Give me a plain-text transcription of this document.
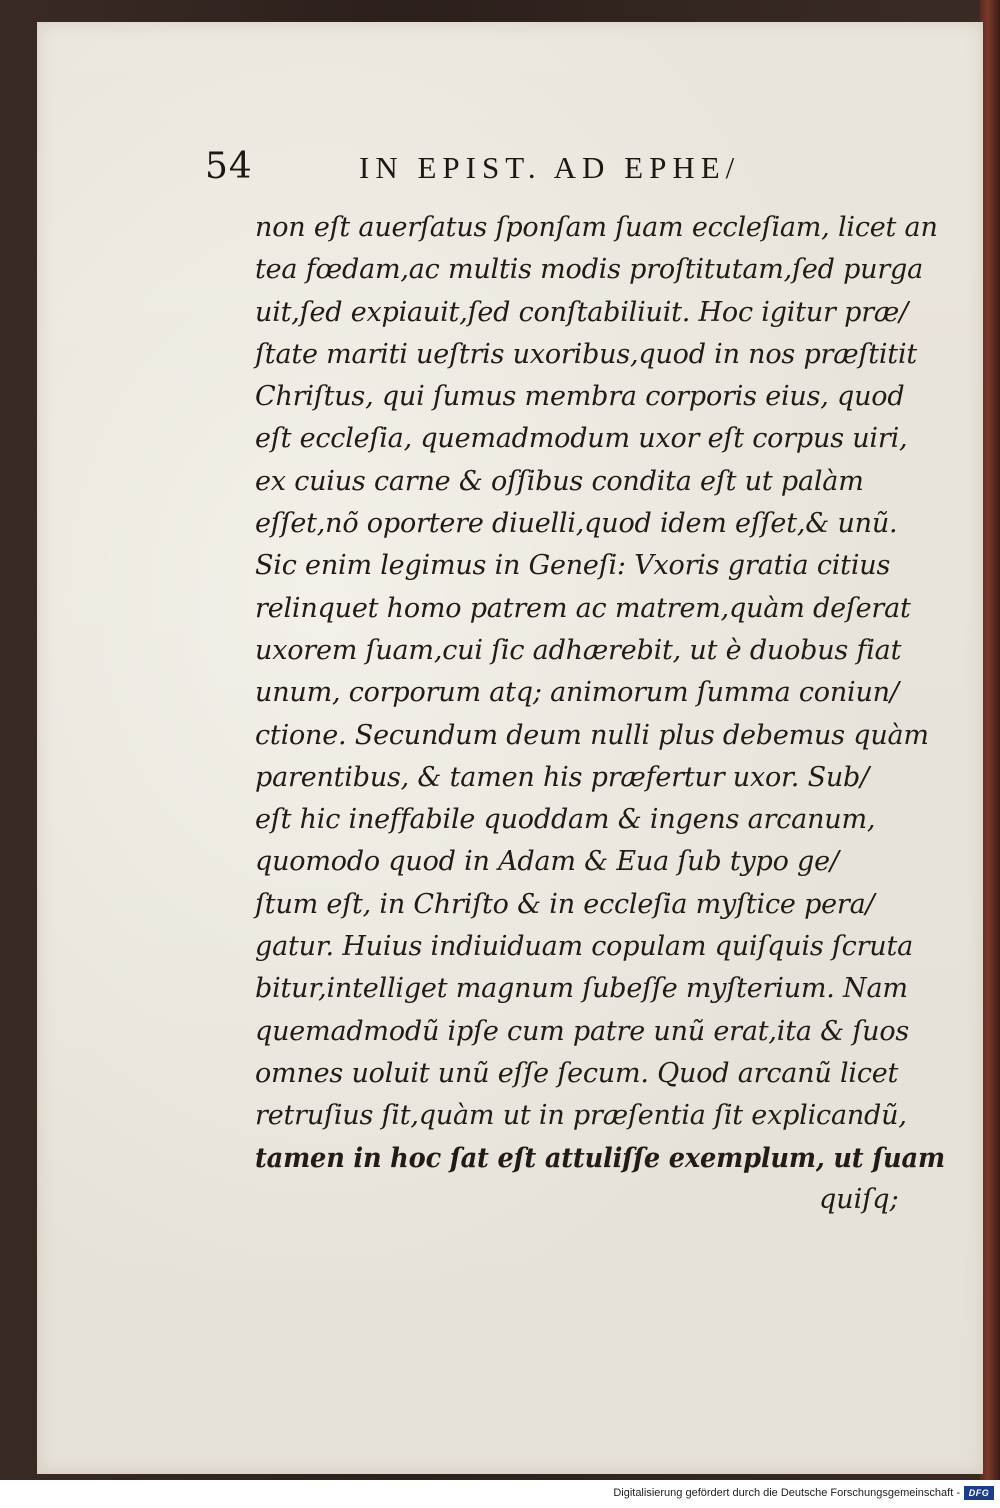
54	IN EPIST. AD EPHE/
non eſt auerſatus ſponſam ſuam eccleſiam, licet an
tea fœdam,ac multis modis proſtitutam,ſed purga
uit,ſed expiauit,ſed conſtabiliuit. Hoc igitur præ/
ſtate mariti ueſtris uxoribus,quod in nos præſtitit
Chriſtus, qui ſumus membra corporis eius, quod
eſt eccleſia, quemadmodum uxor eſt corpus uiri,
ex cuius carne & oſſibus condita eſt ut palàm
eſſet,nõ oportere diuelli,quod idem eſſet,& unũ.
Sic enim legimus in Geneſi: Vxoris gratia citius
relinquet homo patrem ac matrem,quàm deſerat
uxorem ſuam,cui ſic adhærebit, ut è duobus fiat
unum, corporum atq; animorum ſumma coniun/
ctione. Secundum deum nulli plus debemus quàm
parentibus, & tamen his præfertur uxor. Sub/
eſt hic ineffabile quoddam & ingens arcanum,
quomodo quod in Adam & Eua ſub typo ge/
ſtum eſt, in Chriſto & in eccleſia myſtice pera/
gatur. Huius indiuiduam copulam quiſquis ſcruta
bitur,intelliget magnum ſubeſſe myſterium. Nam
quemadmodũ ipſe cum patre unũ erat,ita & ſuos
omnes uoluit unũ eſſe ſecum. Quod arcanũ licet
retruſius ſit,quàm ut in præſentia ſit explicandũ,
tamen in hoc ſat eſt attuliſſe exemplum, ut ſuam
quiſq;
Digitalisierung gefördert durch die Deutsche Forschungsgemeinschaft - DFG
